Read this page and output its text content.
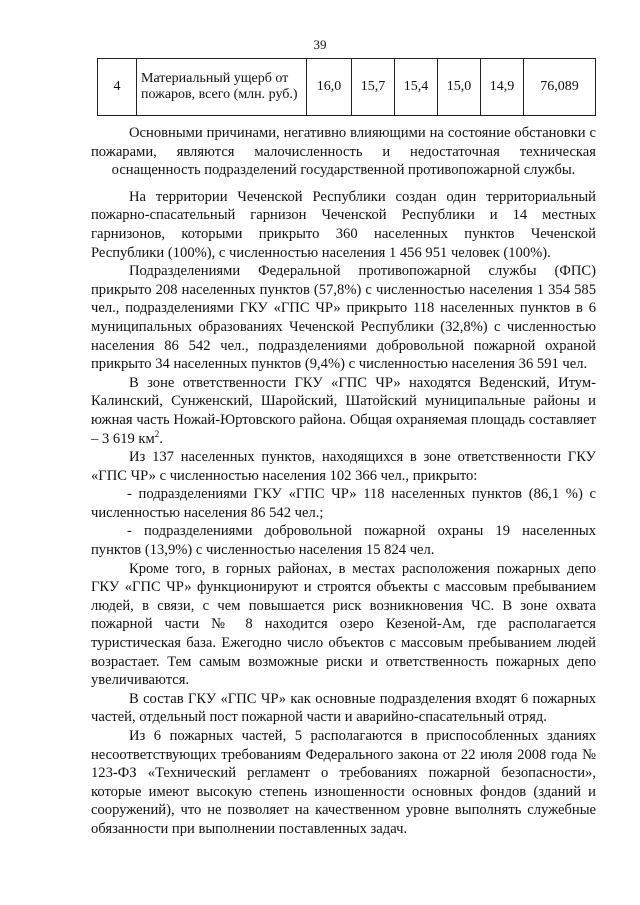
39
4	Материальный ущерб от пожаров, всего (млн. руб.)	16,0	15,7	15,4	15,0	14,9	76,089

Основными причинами, негативно влияющими на состояние обстановки с пожарами, являются малочисленность и недостаточная техническая оснащенность подразделений государственной противопожарной службы.

На территории Чеченской Республики создан один территориальный пожарно-спасательный гарнизон Чеченской Республики и 14 местных гарнизонов, которыми прикрыто 360 населенных пунктов Чеченской Республики (100%), с численностью населения 1 456 951 человек (100%).

Подразделениями Федеральной противопожарной службы (ФПС) прикрыто 208 населенных пунктов (57,8%) с численностью населения 1 354 585 чел., подразделениями ГКУ «ГПС ЧР» прикрыто 118 населенных пунктов в 6 муниципальных образованиях Чеченской Республики (32,8%) с численностью населения 86 542 чел., подразделениями добровольной пожарной охраной прикрыто 34 населенных пунктов (9,4%) с численностью населения 36 591 чел.

В зоне ответственности ГКУ «ГПС ЧР» находятся Веденский, Итум-Калинский, Сунженский, Шаройский, Шатойский муниципальные районы и южная часть Ножай-Юртовского района. Общая охраняемая площадь составляет – 3 619 $км^2$.

Из 137 населенных пунктов, находящихся в зоне ответственности ГКУ «ГПС ЧР» с численностью населения 102 366 чел., прикрыто:

- подразделениями ГКУ «ГПС ЧР» 118 населенных пунктов (86,1 %) с численностью населения 86 542 чел.;

- подразделениями добровольной пожарной охраны 19 населенных пунктов (13,9%) с численностью населения 15 824 чел.

Кроме того, в горных районах, в местах расположения пожарных депо ГКУ «ГПС ЧР» функционируют и строятся объекты с массовым пребыванием людей, в связи, с чем повышается риск возникновения ЧС. В зоне охвата пожарной части № 8 находится озеро Кезеной-Ам, где располагается туристическая база. Ежегодно число объектов с массовым пребыванием людей возрастает. Тем самым возможные риски и ответственность пожарных депо увеличиваются.

В состав ГКУ «ГПС ЧР» как основные подразделения входят 6 пожарных частей, отдельный пост пожарной части и аварийно-спасательный отряд.

Из 6 пожарных частей, 5 располагаются в приспособленных зданиях несоответствующих требованиям Федерального закона от 22 июля 2008 года № 123-ФЗ «Технический регламент о требованиях пожарной безопасности», которые имеют высокую степень изношенности основных фондов (зданий и сооружений), что не позволяет на качественном уровне выполнять служебные обязанности при выполнении поставленных задач.
